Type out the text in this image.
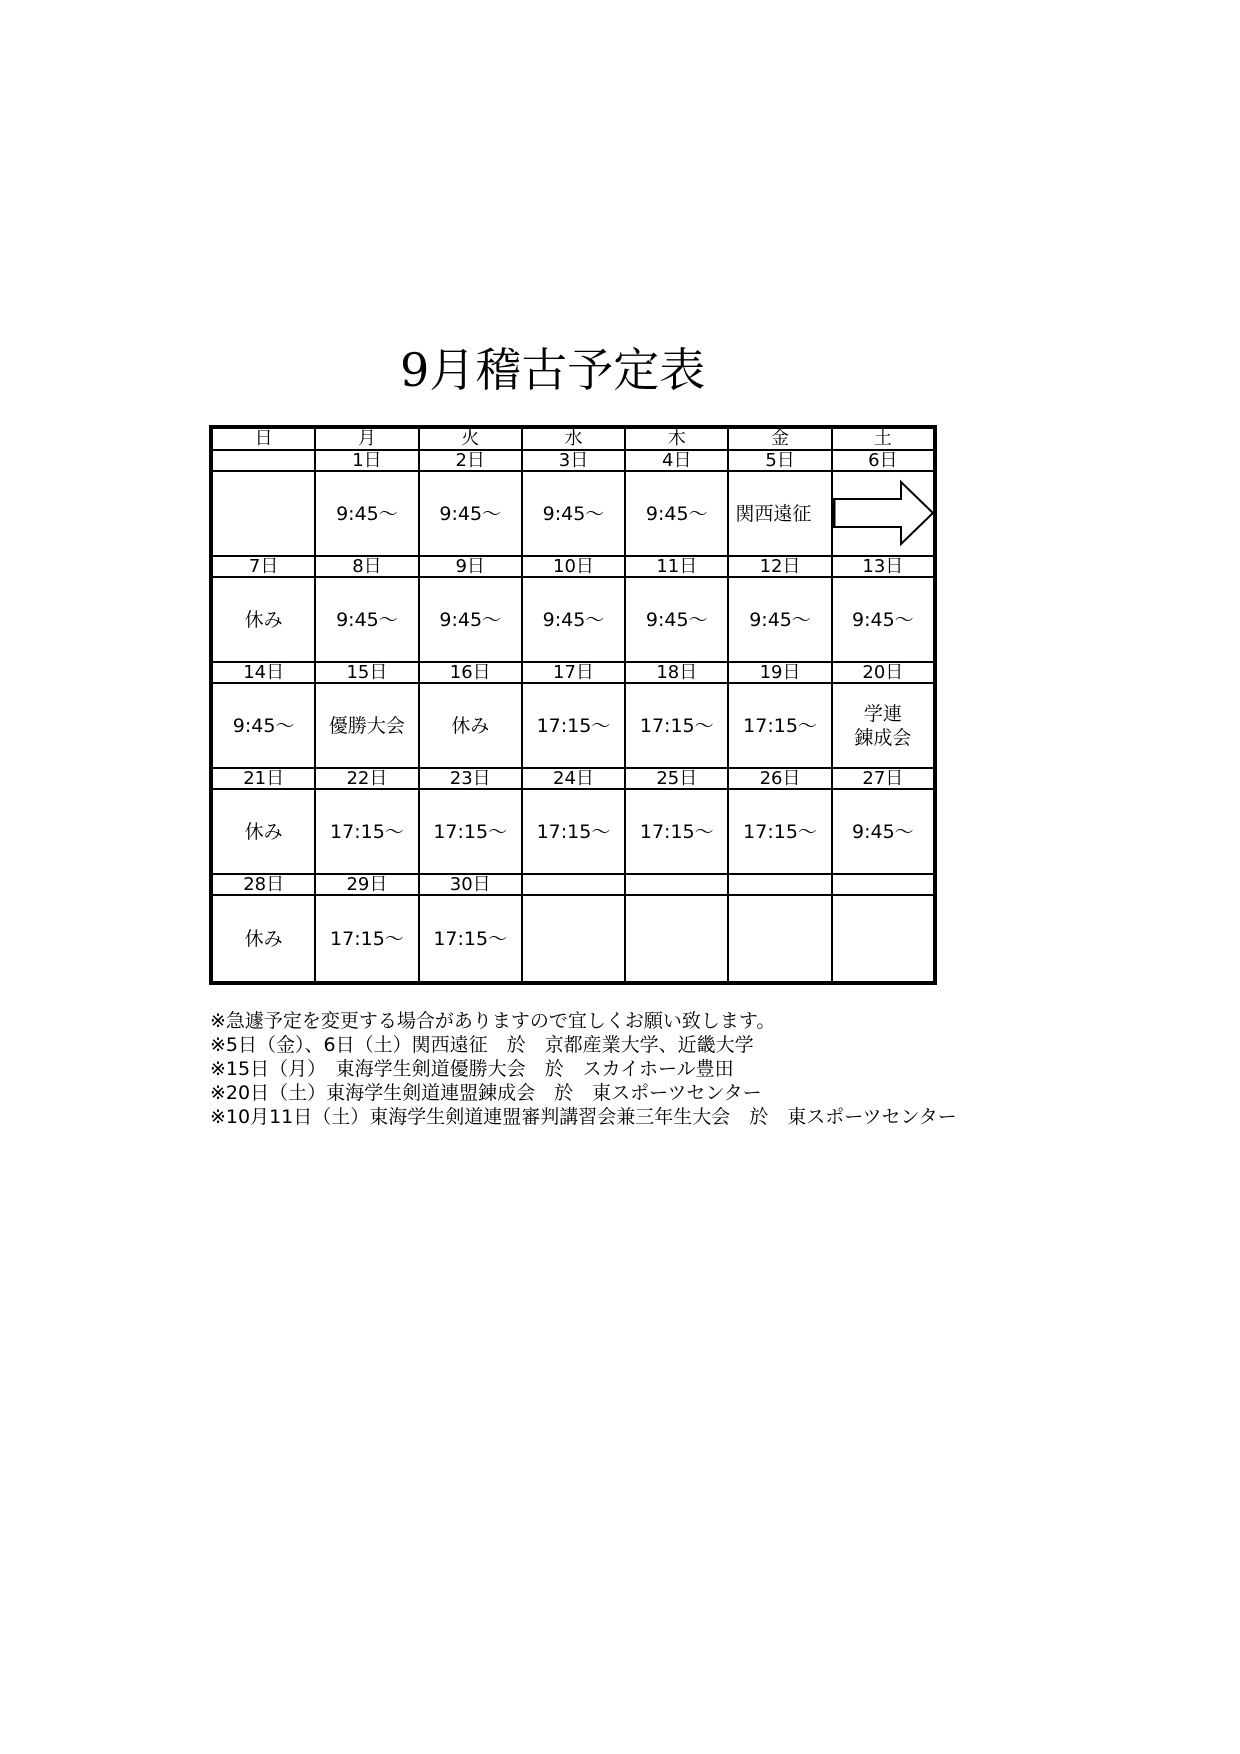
9月稽古予定表
日	月	火	水	木	金	土
	1日	2日	3日	4日	5日	6日
	9:45～	9:45～	9:45～	9:45～	関西遠征	

7日	8日	9日	10日	11日	12日	13日
休み	9:45～	9:45～	9:45～	9:45～	9:45～	9:45～
14日	15日	16日	17日	18日	19日	20日
9:45～	優勝大会	休み	17:15～	17:15～	17:15～	学連
錬成会
21日	22日	23日	24日	25日	26日	27日
休み	17:15～	17:15～	17:15～	17:15～	17:15～	9:45～
28日	29日	30日				
休み	17:15～	17:15～				
※急遽予定を変更する場合がありますので宜しくお願い致します。
※5日（金）、6日（土）関西遠征　於　京都産業大学、近畿大学
※15日（月）　東海学生剣道優勝大会　於　スカイホール豊田
※20日（土）東海学生剣道連盟錬成会　於　東スポーツセンター
※10月11日（土）東海学生剣道連盟審判講習会兼三年生大会　於　東スポーツセンター
